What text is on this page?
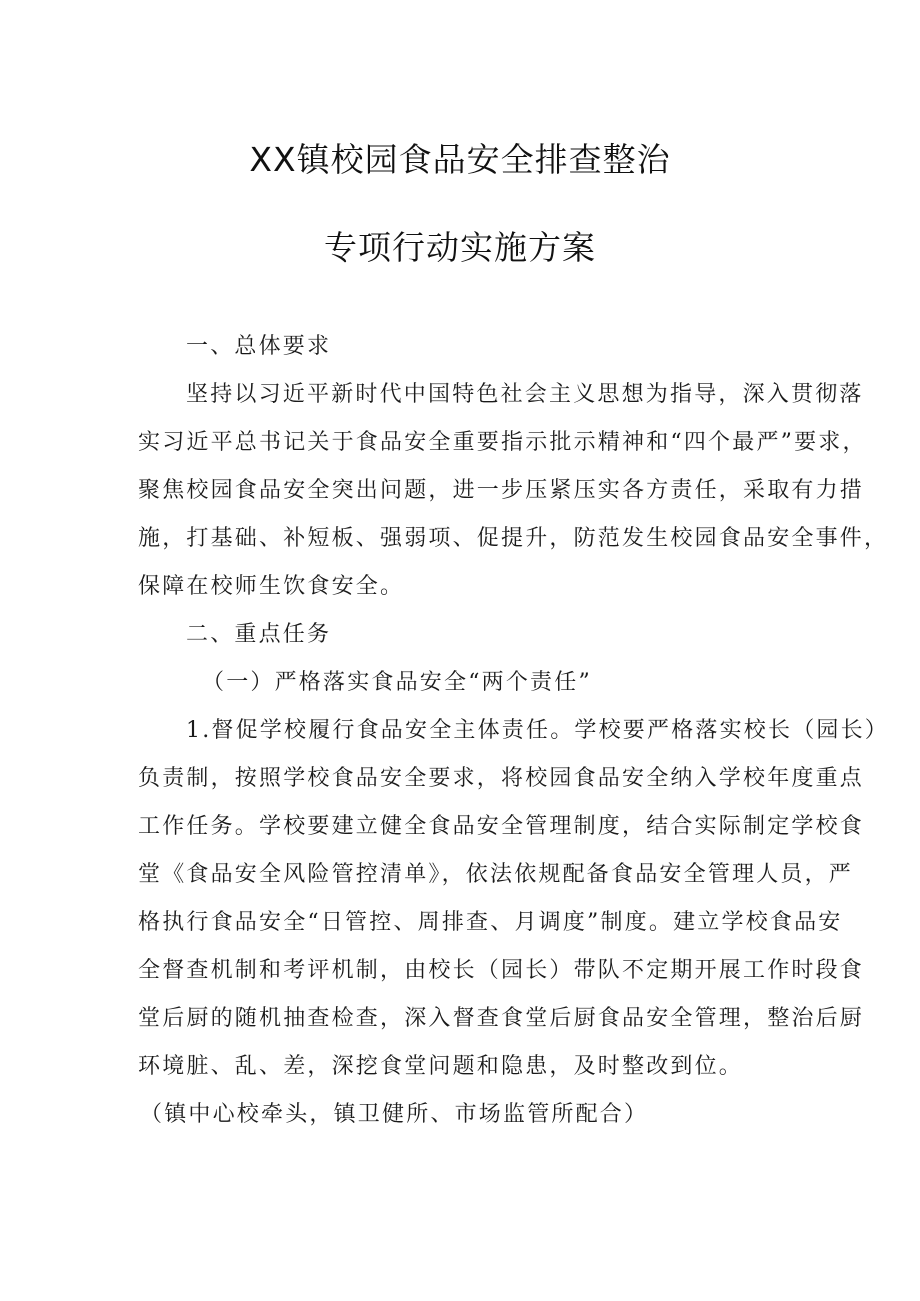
XX镇校园食品安全排查整治
专项行动实施方案
一、总体要求
坚持以习近平新时代中国特色社会主义思想为指导，深入贯彻落
实习近平总书记关于食品安全重要指示批示精神和“四个最严”要求，
聚焦校园食品安全突出问题，进一步压紧压实各方责任，采取有力措
施，打基础、补短板、强弱项、促提升，防范发生校园食品安全事件，
保障在校师生饮食安全。
二、重点任务
（一）严格落实食品安全“两个责任”
1.督促学校履行食品安全主体责任。学校要严格落实校长（园长）
负责制，按照学校食品安全要求，将校园食品安全纳入学校年度重点
工作任务。学校要建立健全食品安全管理制度，结合实际制定学校食
堂《食品安全风险管控清单》，依法依规配备食品安全管理人员，严
格执行食品安全“日管控、周排查、月调度”制度。建立学校食品安
全督查机制和考评机制，由校长（园长）带队不定期开展工作时段食
堂后厨的随机抽查检查，深入督查食堂后厨食品安全管理，整治后厨
环境脏、乱、差，深挖食堂问题和隐患，及时整改到位。
（镇中心校牵头，镇卫健所、市场监管所配合）
